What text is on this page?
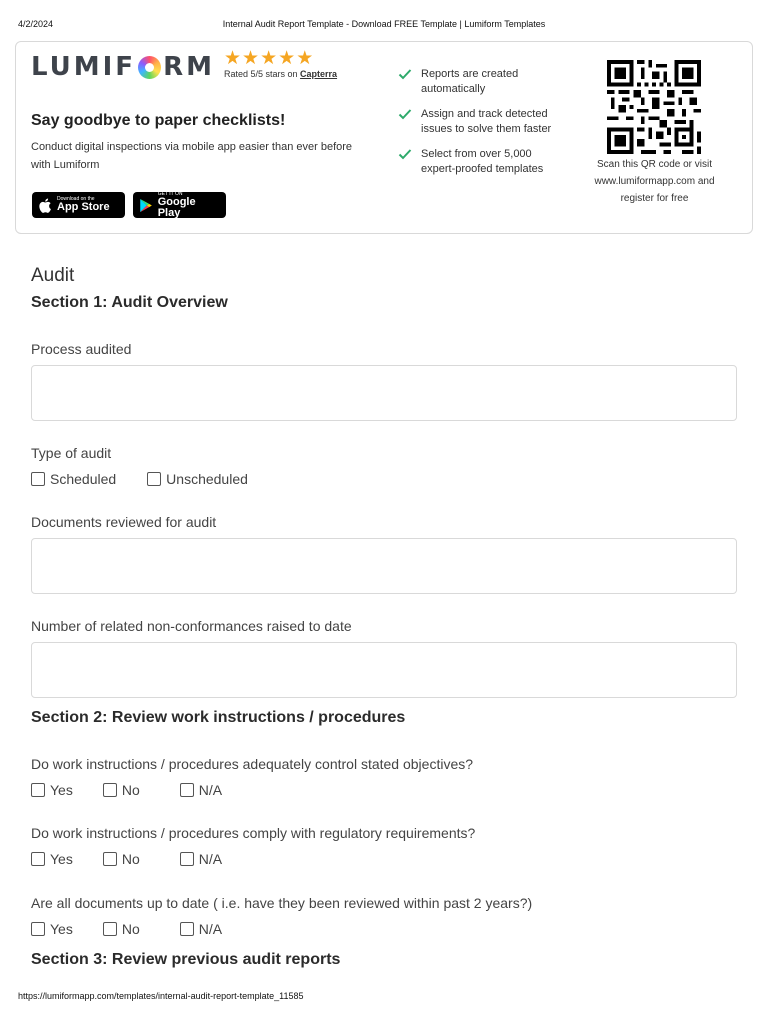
4/2/2024	Internal Audit Report Template - Download FREE Template | Lumiform Templates
LUMIF RM ★ ★ ★ ★ ★
Rated 5/5 stars on Capterra
Say goodbye to paper checklists!
Conduct digital inspections via mobile app easier than ever before with Lumiform
Download on the
App Store
GET IT ON
Google Play
Reports are created automatically
Assign and track detected issues to solve them faster
Select from over 5,000 expert-proofed templates	Scan this QR code or visit www.lumiformapp.com and register for free
Audit
Section 1: Audit Overview
Process audited
Type of audit
Scheduled	Unscheduled
Documents reviewed for audit
Number of related non-conformances raised to date
Section 2: Review work instructions / procedures
Do work instructions / procedures adequately control stated objectives?
Yes	No	N/A
Do work instructions / procedures comply with regulatory requirements?
Yes	No	N/A
Are all documents up to date ( i.e. have they been reviewed within past 2 years?)
Yes	No	N/A
Section 3: Review previous audit reports
https://lumiformapp.com/templates/internal-audit-report-template_11585
